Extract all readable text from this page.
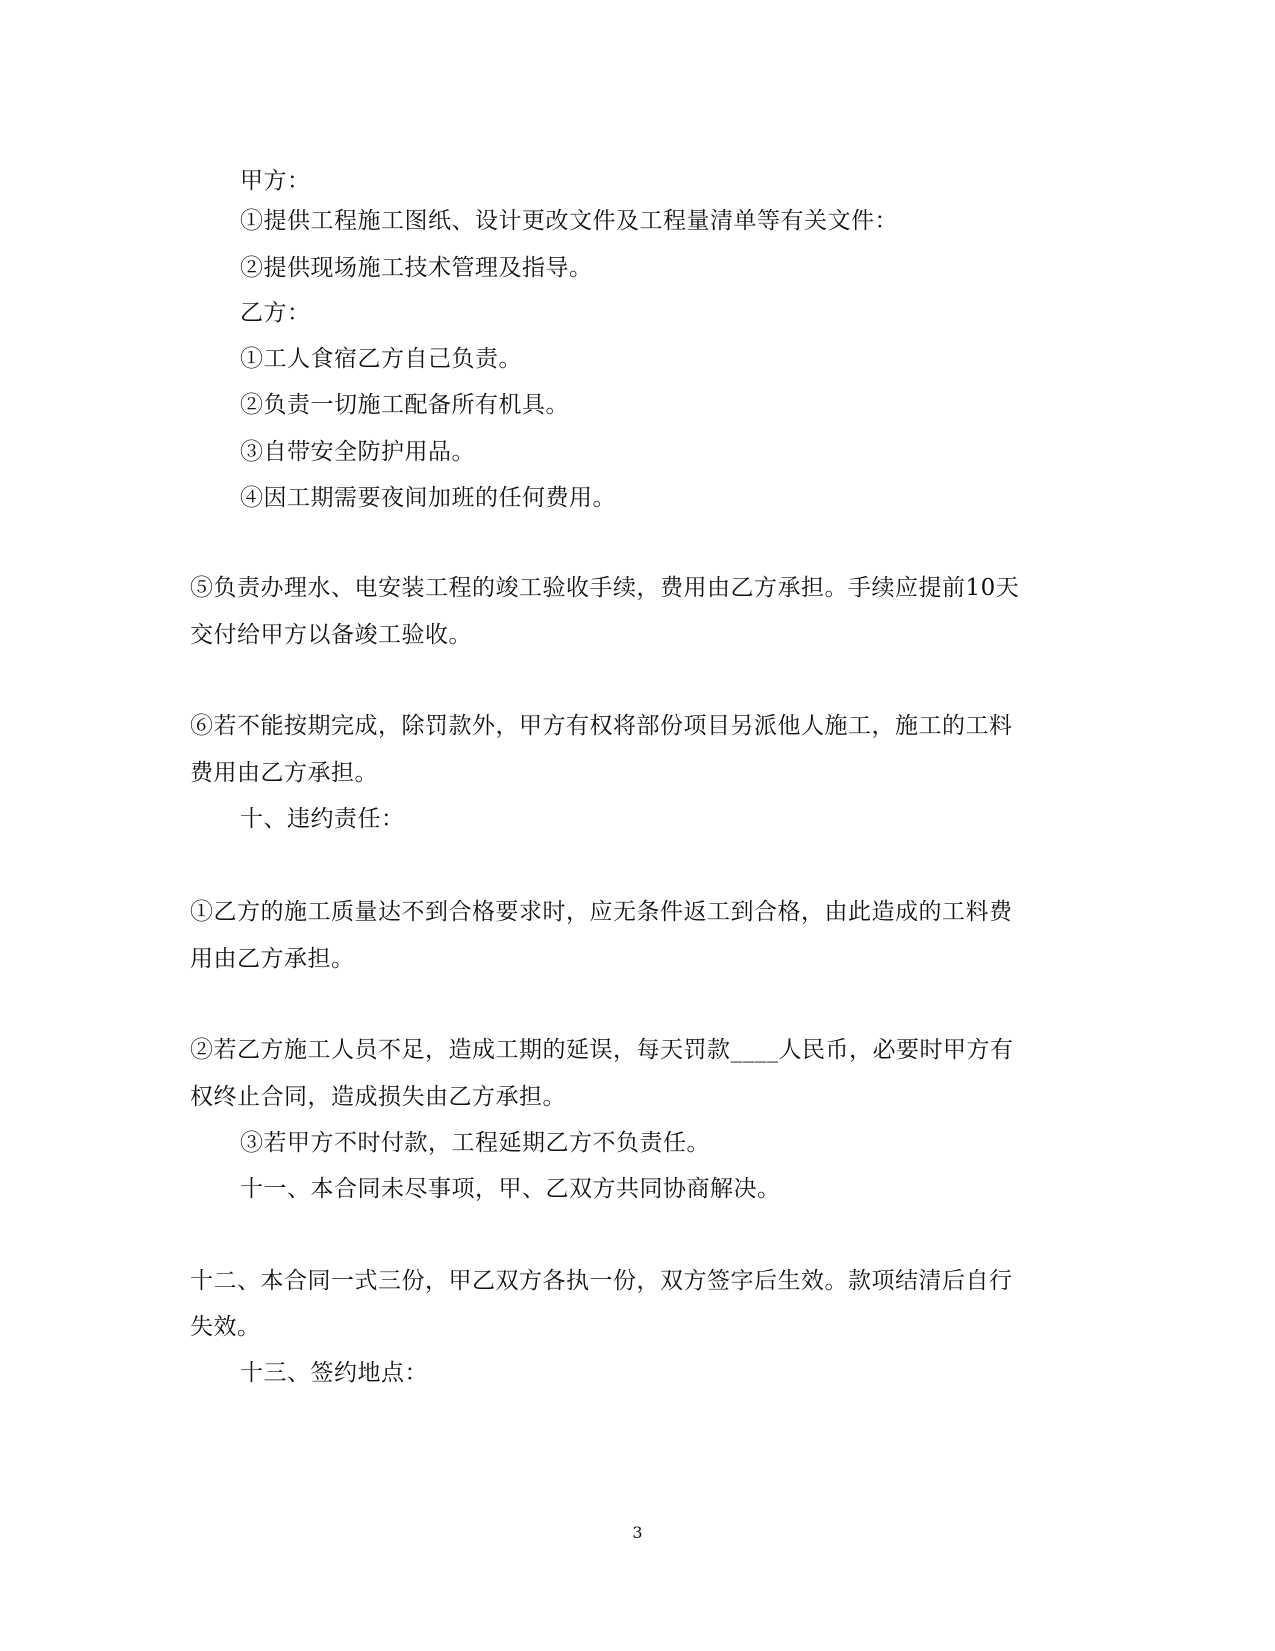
甲方：
①提供工程施工图纸、设计更改文件及工程量清单等有关文件：
②提供现场施工技术管理及指导。
乙方：
①工人食宿乙方自己负责。
②负责一切施工配备所有机具。
③自带安全防护用品。
④因工期需要夜间加班的任何费用。
⑤负责办理水、电安装工程的竣工验收手续，费用由乙方承担。手续应提前10天
交付给甲方以备竣工验收。
⑥若不能按期完成，除罚款外，甲方有权将部份项目另派他人施工，施工的工料
费用由乙方承担。
十、违约责任：
①乙方的施工质量达不到合格要求时，应无条件返工到合格，由此造成的工料费
用由乙方承担。
②若乙方施工人员不足，造成工期的延误，每天罚款____人民币，必要时甲方有
权终止合同，造成损失由乙方承担。
③若甲方不时付款，工程延期乙方不负责任。
十一、本合同未尽事项，甲、乙双方共同协商解决。
十二、本合同一式三份，甲乙双方各执一份，双方签字后生效。款项结清后自行
失效。
十三、签约地点：
3
